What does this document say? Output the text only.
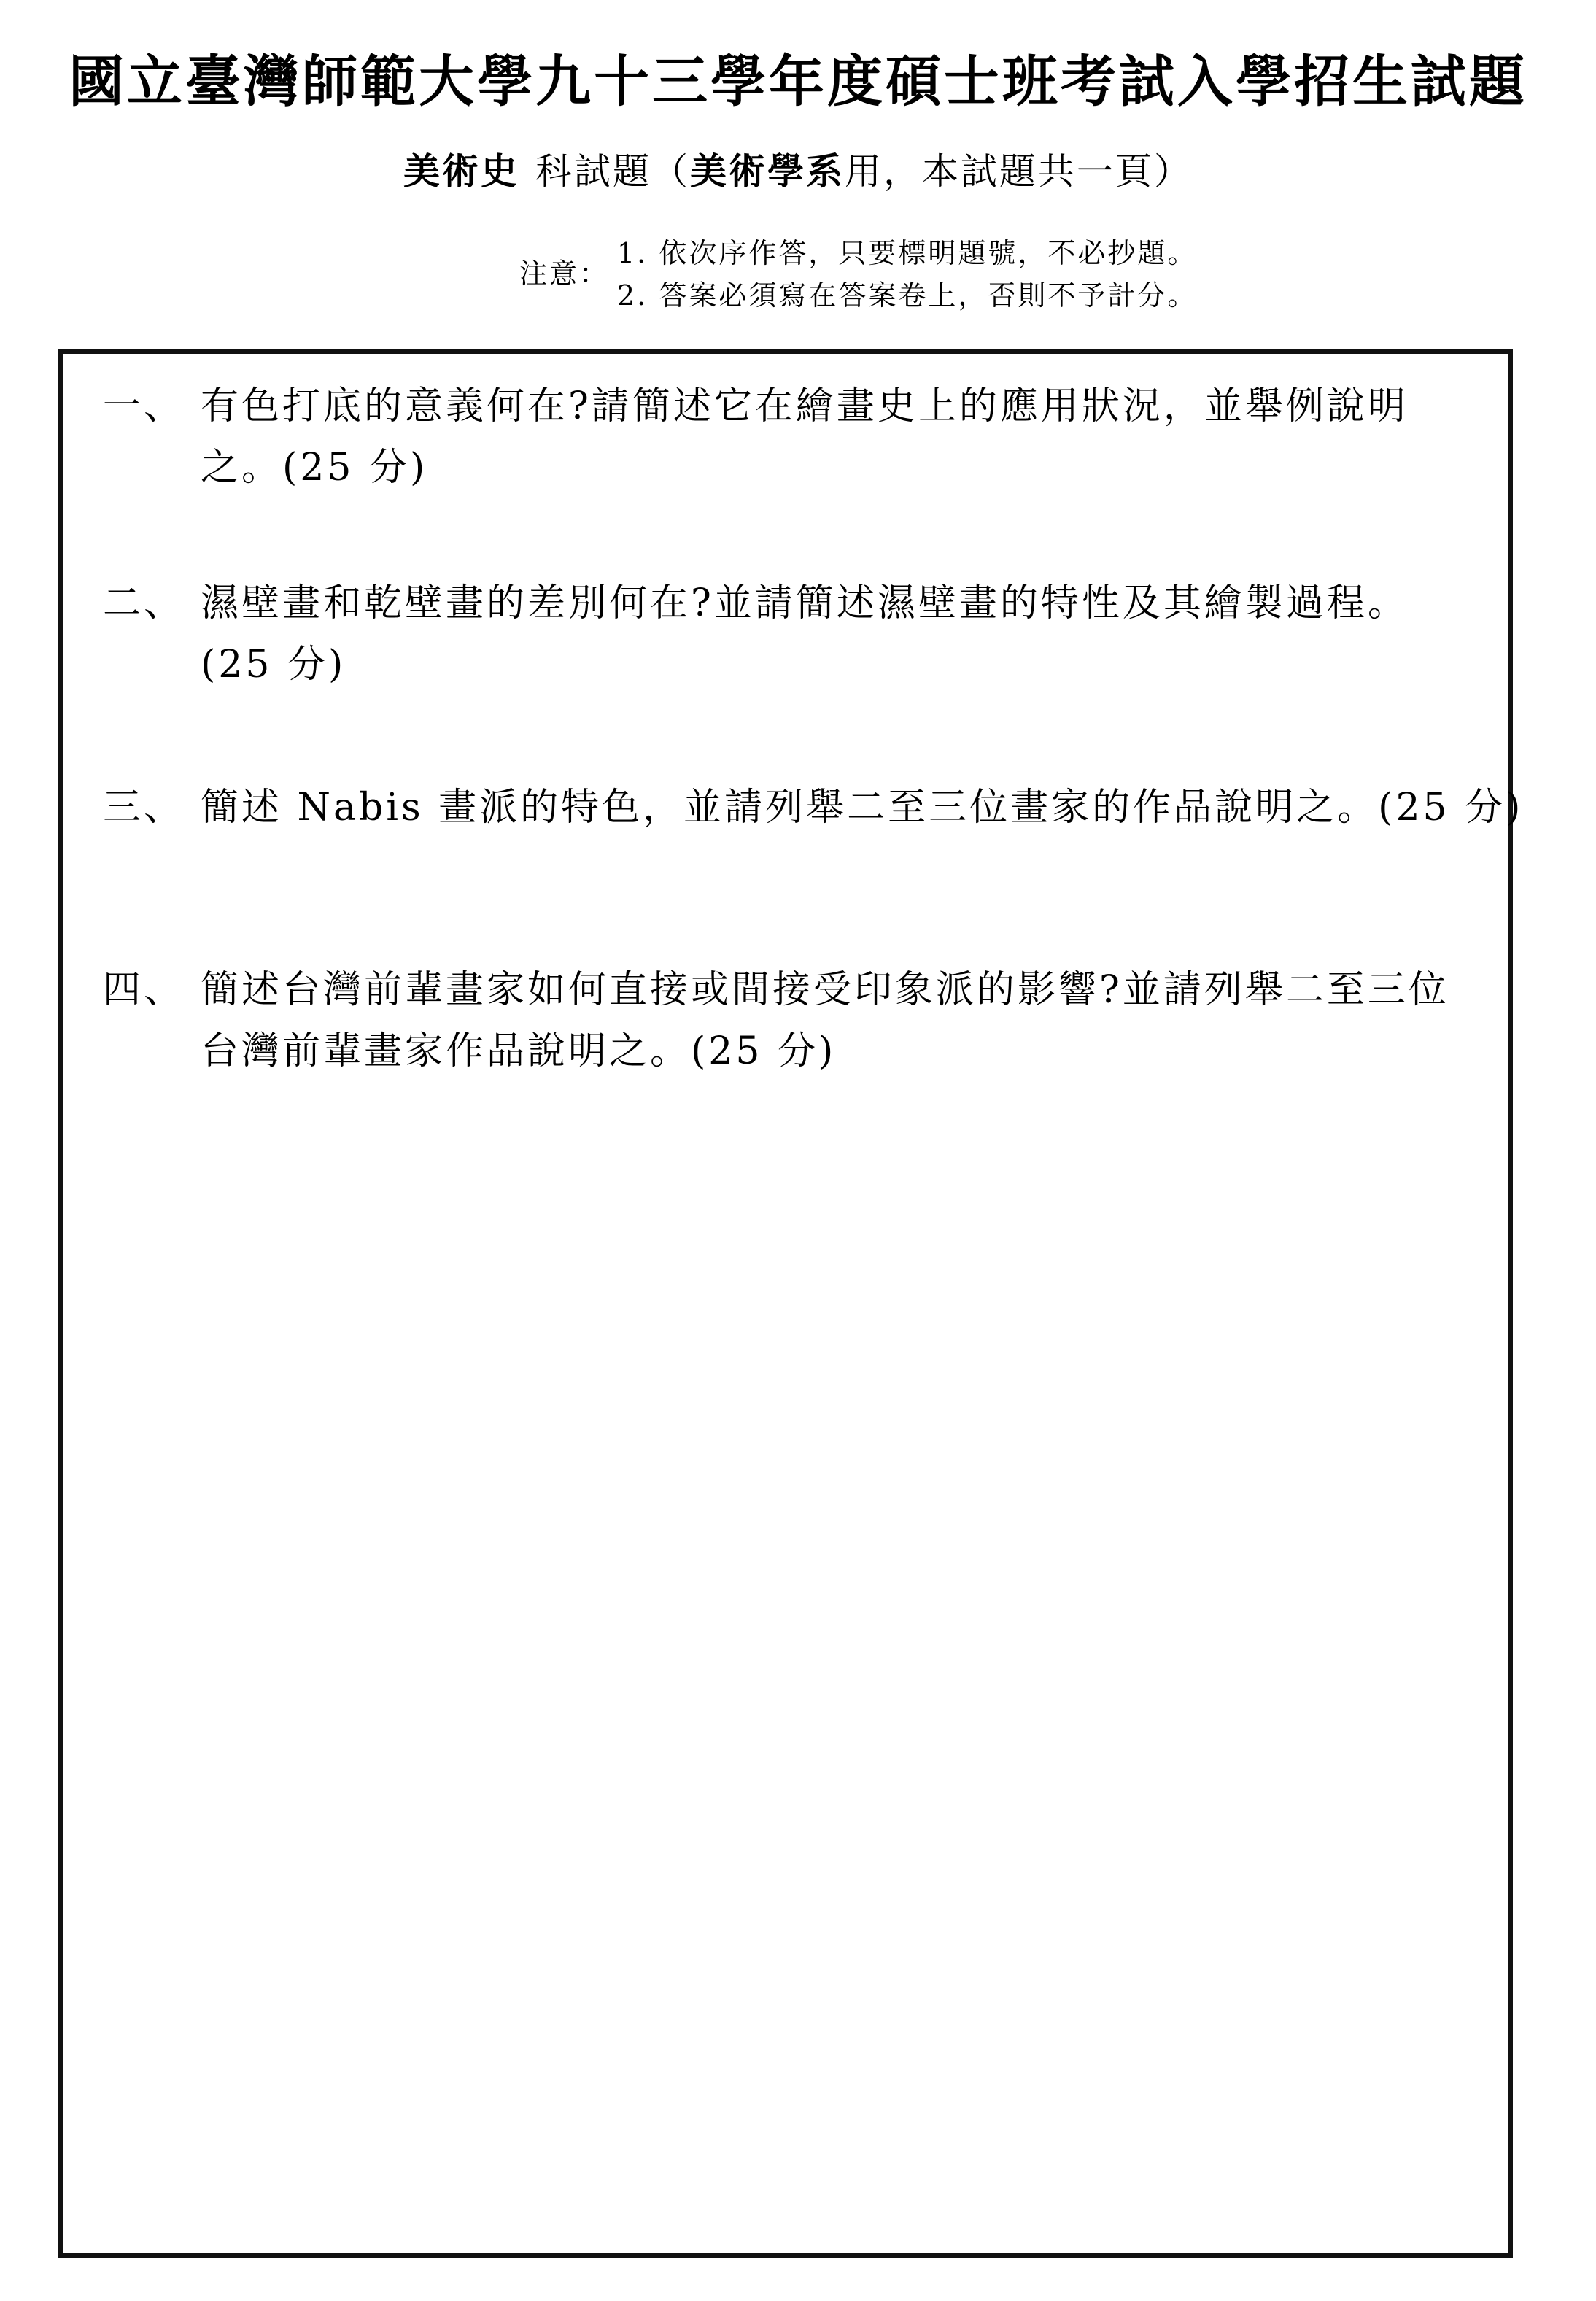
國立臺灣師範大學九十三學年度碩士班考試入學招生試題
美術史 科試題（美術學系用，本試題共一頁）
注意：
1. 依次序作答，只要標明題號，不必抄題。
2. 答案必須寫在答案卷上，否則不予計分。
一、 有色打底的意義何在?請簡述它在繪畫史上的應用狀況，並舉例說明
之。(25 分)
二、 濕壁畫和乾壁畫的差別何在?並請簡述濕壁畫的特性及其繪製過程。
(25 分)
三、 簡述 Nabis 畫派的特色，並請列舉二至三位畫家的作品說明之。(25 分)
四、 簡述台灣前輩畫家如何直接或間接受印象派的影響?並請列舉二至三位
台灣前輩畫家作品說明之。(25 分)
